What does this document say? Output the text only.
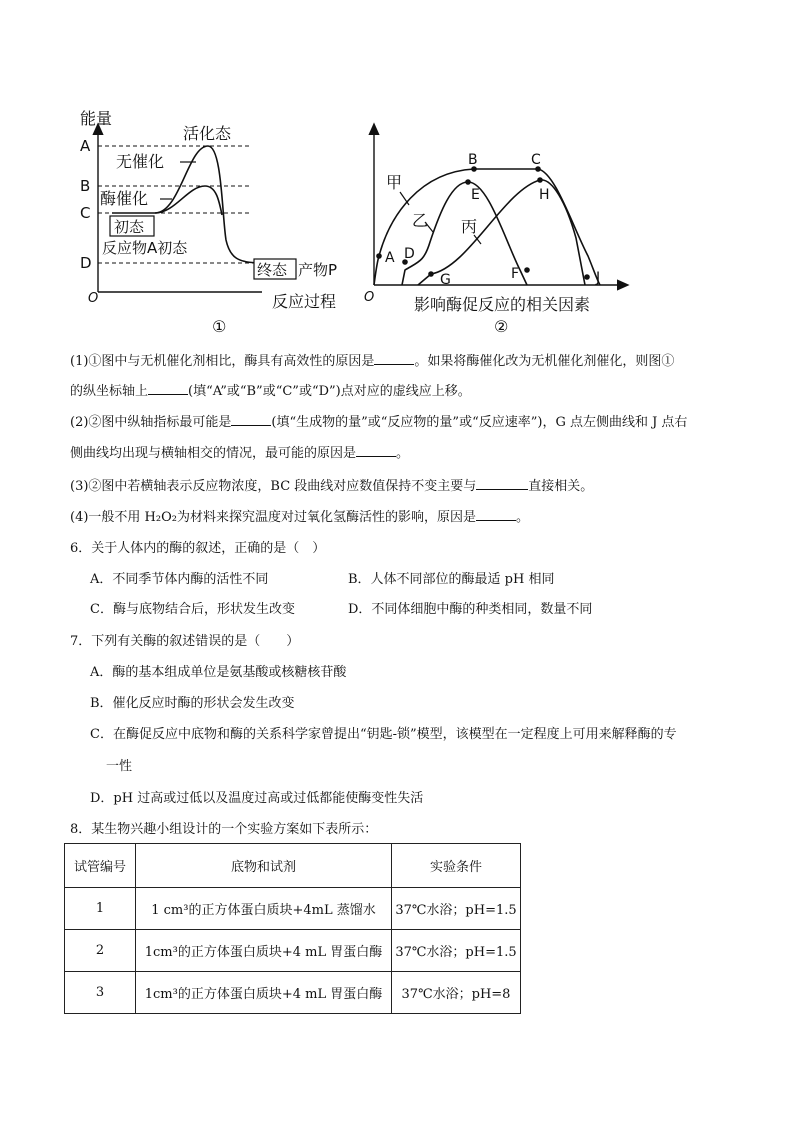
能量
A
B
C
D
活化态
无催化
酶催化
初态
反应物A初态
终态 产物P
O	反应过程
①
甲
乙 丙
A
B	C
D
E
F
G
H
J
O 影响酶促反应的相关因素
②
(1)①图中与无机催化剂相比，酶具有高效性的原因是	。如果将酶催化改为无机催化剂催化，则图①
的纵坐标轴上	(填“A”或“B”或“C”或“D”)点对应的虚线应上移。
(2)②图中纵轴指标最可能是	(填“生成物的量”或“反应物的量”或“反应速率”)，G 点左侧曲线和 J 点右
侧曲线均出现与横轴相交的情况，最可能的原因是	。
(3)②图中若横轴表示反应物浓度，BC 段曲线对应数值保持不变主要与	直接相关。
(4)一般不用 H₂O₂为材料来探究温度对过氧化氢酶活性的影响，原因是	。
6．关于人体内的酶的叙述，正确的是（　）
A．不同季节体内酶的活性不同	B．人体不同部位的酶最适 pH 相同
C．酶与底物结合后，形状发生改变	D．不同体细胞中酶的种类相同，数量不同
7．下列有关酶的叙述错误的是（　　）
A．酶的基本组成单位是氨基酸或核糖核苷酸
B．催化反应时酶的形状会发生改变
C．在酶促反应中底物和酶的关系科学家曾提出“钥匙-锁”模型，该模型在一定程度上可用来解释酶的专
一性
D．pH 过高或过低以及温度过高或过低都能使酶变性失活
8．某生物兴趣小组设计的一个实验方案如下表所示：
试管编号	底物和试剂	实验条件
1	1 cm³的正方体蛋白质块+4mL 蒸馏水	37℃水浴；pH=1.5
2	1cm³的正方体蛋白质块+4 mL 胃蛋白酶	37℃水浴；pH=1.5
3	1cm³的正方体蛋白质块+4 mL 胃蛋白酶	37℃水浴；pH=8
